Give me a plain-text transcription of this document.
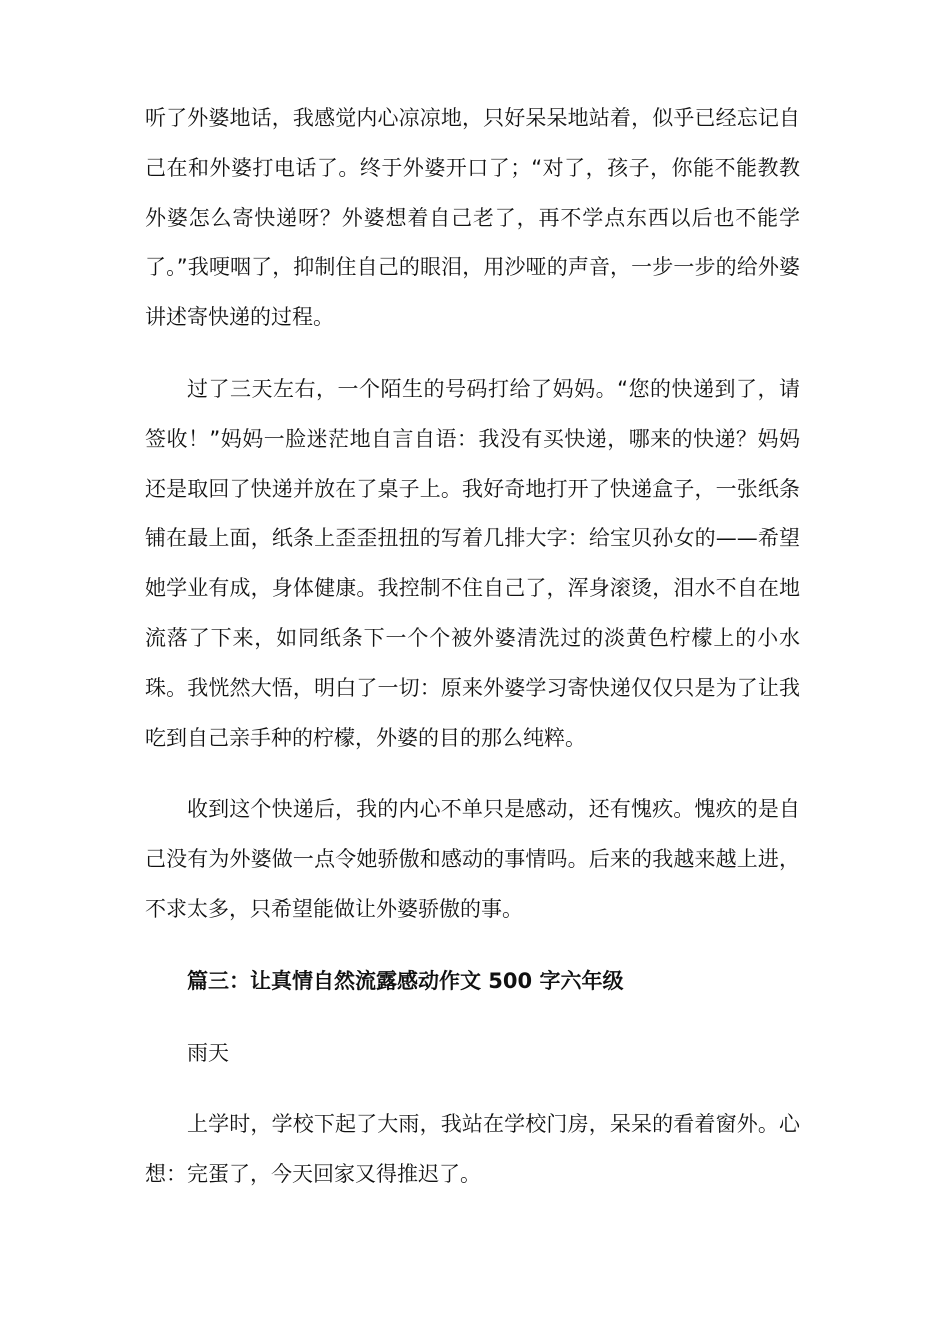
听了外婆地话，我感觉内心凉凉地，只好呆呆地站着，似乎已经忘记自己在和外婆打电话了。终于外婆开口了；“对了，孩子，你能不能教教外婆怎么寄快递呀？外婆想着自己老了，再不学点东西以后也不能学了。”我哽咽了，抑制住自己的眼泪，用沙哑的声音，一步一步的给外婆讲述寄快递的过程。

过了三天左右，一个陌生的号码打给了妈妈。“您的快递到了，请签收！”妈妈一脸迷茫地自言自语：我没有买快递，哪来的快递？妈妈还是取回了快递并放在了桌子上。我好奇地打开了快递盒子，一张纸条铺在最上面，纸条上歪歪扭扭的写着几排大字：给宝贝孙女的——希望她学业有成，身体健康。我控制不住自己了，浑身滚烫，泪水不自在地流落了下来，如同纸条下一个个被外婆清洗过的淡黄色柠檬上的小水珠。我恍然大悟，明白了一切：原来外婆学习寄快递仅仅只是为了让我吃到自己亲手种的柠檬，外婆的目的那么纯粹。

收到这个快递后，我的内心不单只是感动，还有愧疚。愧疚的是自己没有为外婆做一点令她骄傲和感动的事情吗。后来的我越来越上进，不求太多，只希望能做让外婆骄傲的事。

篇三：让真情自然流露感动作文 500 字六年级

雨天

上学时，学校下起了大雨，我站在学校门房，呆呆的看着窗外。心想：完蛋了，今天回家又得推迟了。
